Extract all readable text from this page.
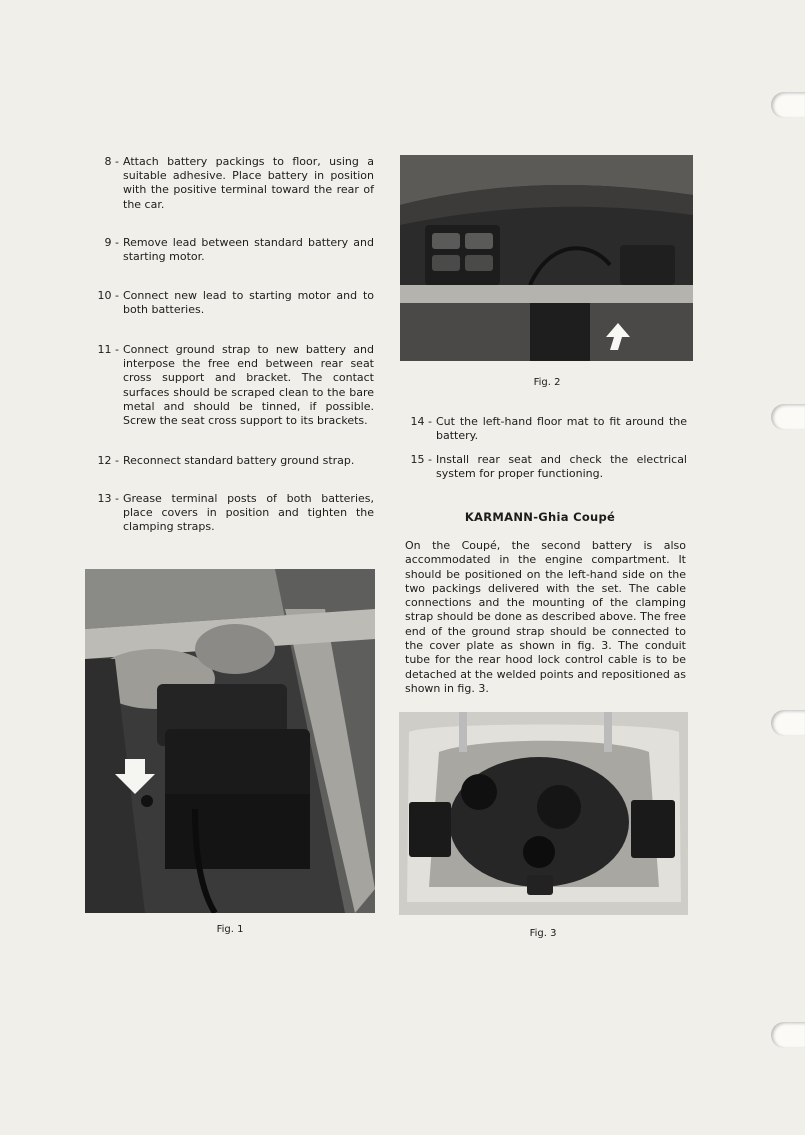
8 - Attach battery packings to floor, using a suitable adhesive. Place battery in position with the positive terminal toward the rear of the car.
9 - Remove lead between standard battery and starting motor.
10 - Connect new lead to starting motor and to both batteries.
11 - Connect ground strap to new battery and interpose the free end between rear seat cross support and bracket. The contact surfaces should be scraped clean to the bare metal and should be tinned, if possible. Screw the seat cross support to its brackets.
12 - Reconnect standard battery ground strap.
13 - Grease terminal posts of both batteries, place covers in position and tighten the clamping straps.
Fig. 1
Fig. 2
14 - Cut the left-hand floor mat to fit around the battery.
15 - Install rear seat and check the electrical system for proper functioning.
KARMANN-Ghia Coupé
On the Coupé, the second battery is also accommodated in the engine compartment. It should be positioned on the left-hand side on the two packings delivered with the set. The cable connections and the mounting of the clamping strap should be done as described above. The free end of the ground strap should be connected to the cover plate as shown in fig. 3. The conduit tube for the rear hood lock control cable is to be detached at the welded points and repositioned as shown in fig. 3.
Fig. 3
